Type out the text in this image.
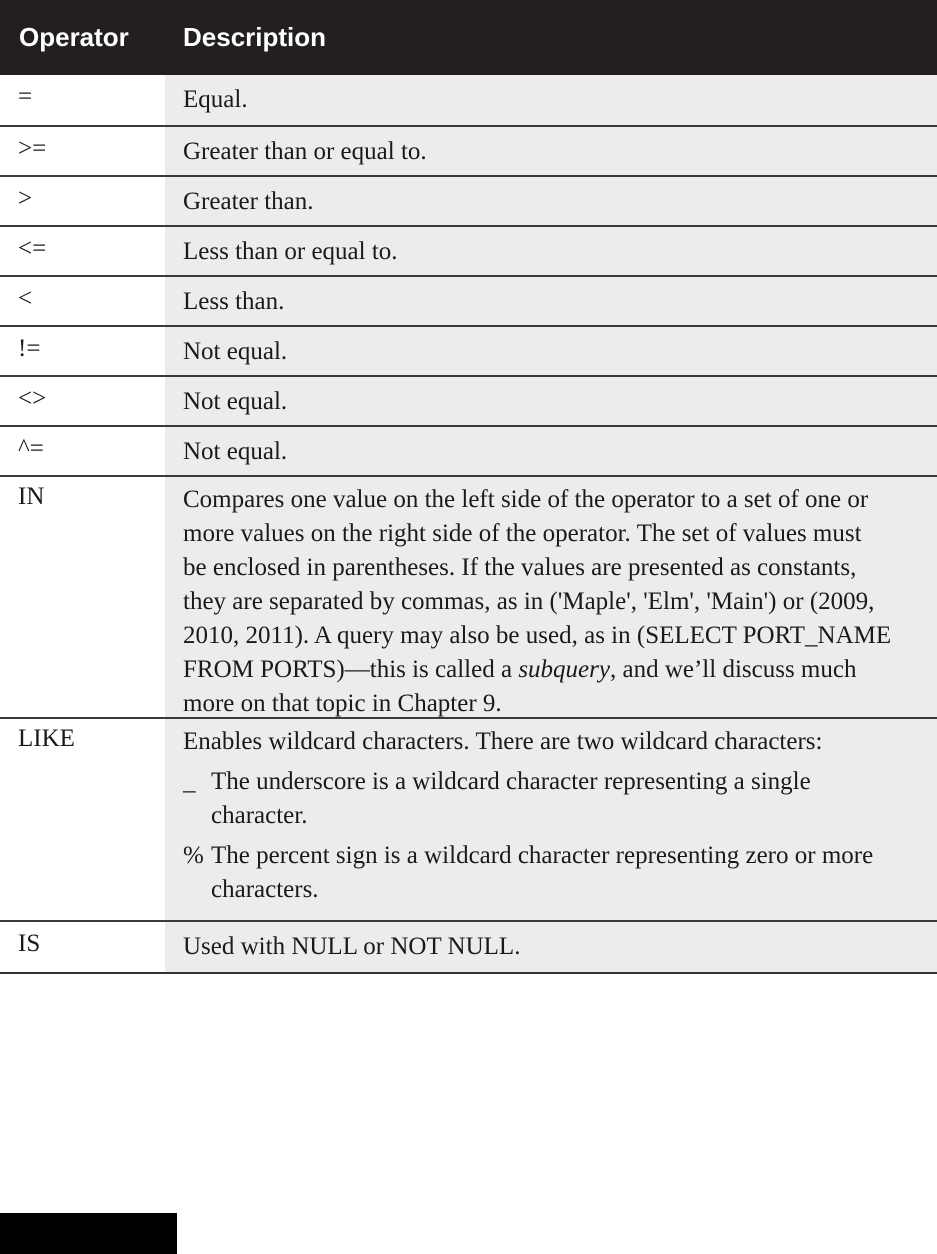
Operator	Description
=	Equal.
>=	Greater than or equal to.
>	Greater than.
<=	Less than or equal to.
<	Less than.
!=	Not equal.
<>	Not equal.
^=	Not equal.
IN	Compares one value on the left side of the operator to a set of one or
more values on the right side of the operator. The set of values must
be enclosed in parentheses. If the values are presented as constants,
they are separated by commas, as in ('Maple', 'Elm', 'Main') or (2009,
2010, 2011). A query may also be used, as in (SELECT PORT_NAME
FROM PORTS)—this is called a subquery, and we’ll discuss much
more on that topic in Chapter 9.
LIKE	Enables wildcard characters. There are two wildcard characters:
_ The underscore is a wildcard character representing a single
character.
% The percent sign is a wildcard character representing zero or more
characters.
IS	Used with NULL or NOT NULL.
